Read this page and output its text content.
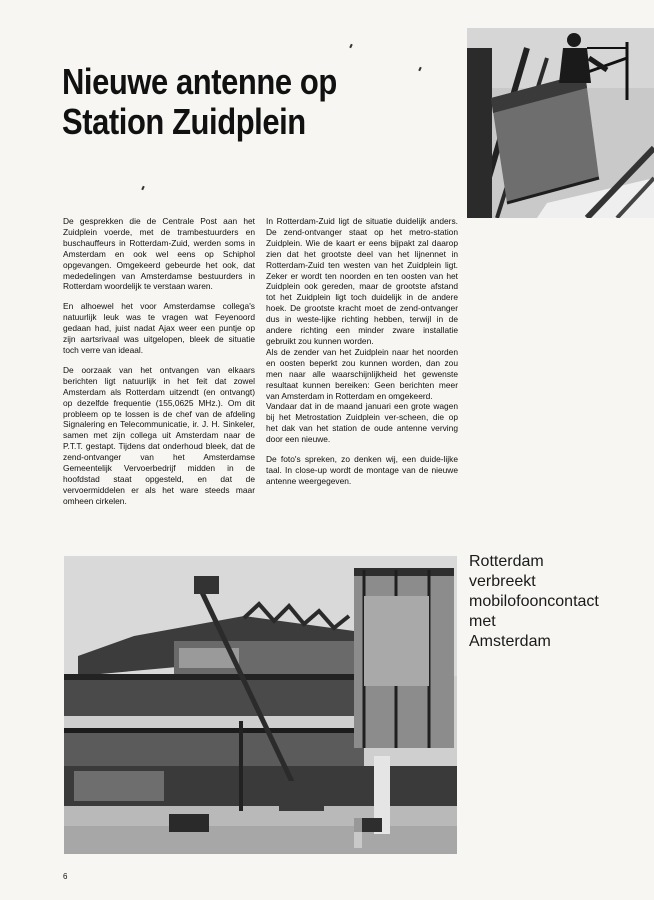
Nieuwe antenne op
Station Zuidplein

De gesprekken die de Centrale Post aan het Zuidplein voerde, met de trambestuurders en buschauffeurs in Rotterdam-Zuid, werden soms in Amsterdam en ook wel eens op Schiphol opgevangen. Omgekeerd gebeurde het ook, dat mededelingen van Amsterdamse bestuurders in Rotterdam woordelijk te verstaan waren.

En alhoewel het voor Amsterdamse collega's natuurlijk leuk was te vragen wat Feyenoord gedaan had, juist nadat Ajax weer een puntje op zijn aartsrivaal was uitgelopen, bleek de situatie toch verre van ideaal.

De oorzaak van het ontvangen van elkaars berichten ligt natuurlijk in het feit dat zowel Amsterdam als Rotterdam uitzendt (en ontvangt) op dezelfde frequentie (155,0625 MHz.). Om dit probleem op te lossen is de chef van de afdeling Signalering en Telecommunicatie, ir. J. H. Sinkeler, samen met zijn collega uit Amsterdam naar de P.T.T. gestapt. Tijdens dat onderhoud bleek, dat de zend-ontvanger van het Amsterdamse Gemeentelijk Vervoerbedrijf midden in de hoofdstad staat opgesteld, en dat de vervoermiddelen er als het ware steeds maar omheen cirkelen.

In Rotterdam-Zuid ligt de situatie duidelijk anders. De zend-ontvanger staat op het metro-station Zuidplein. Wie de kaart er eens bijpakt zal daarop zien dat het grootste deel van het lijnennet in Rotterdam-Zuid ten westen van het Zuidplein ligt. Zeker er wordt ten noorden en ten oosten van het Zuidplein ook gereden, maar de grootste afstand tot het Zuidplein ligt toch duidelijk in de andere hoek. De grootste kracht moet de zend-ontvanger dus in weste-lijke richting hebben, terwijl in de andere richting een minder zware installatie gebruikt zou kunnen worden.

Als de zender van het Zuidplein naar het noorden en oosten beperkt zou kunnen worden, dan zou men naar alle waarschijnlijkheid het gewenste resultaat kunnen bereiken: Geen berichten meer van Amsterdam in Rotterdam en omgekeerd.

Vandaar dat in de maand januari een grote wagen bij het Metrostation Zuidplein ver-scheen, die op het dak van het station de oude antenne verving door een nieuwe.

De foto's spreken, zo denken wij, een duide-lijke taal. In close-up wordt de montage van de nieuwe antenne weergegeven.

Rotterdam
verbreekt
mobilofooncontact
met
Amsterdam
6
